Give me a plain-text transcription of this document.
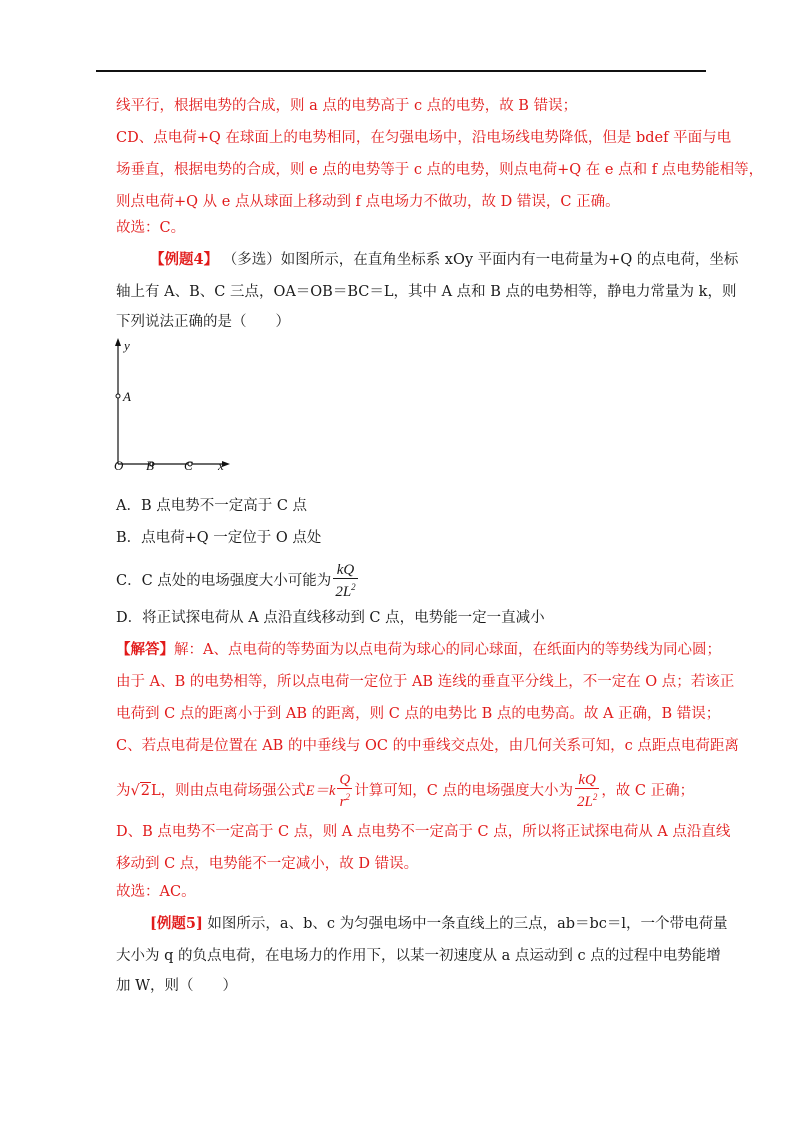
线平行，根据电势的合成，则 a 点的电势高于 c 点的电势，故 B 错误；
CD、点电荷+Q 在球面上的电势相同，在匀强电场中，沿电场线电势降低，但是 bdef 平面与电
场垂直，根据电势的合成，则 e 点的电势等于 c 点的电势，则点电荷+Q 在 e 点和 f 点电势能相等，
则点电荷+Q 从 e 点从球面上移动到 f 点电场力不做功，故 D 错误，C 正确。
故选：C。
【例题4】 （多选）如图所示，在直角坐标系 xOy 平面内有一电荷量为+Q 的点电荷，坐标
轴上有 A、B、C 三点，OA＝OB＝BC＝L，其中 A 点和 B 点的电势相等，静电力常量为 k，则
下列说法正确的是（　　）
y
A
O B C x
A．B 点电势不一定高于 C 点
B．点电荷+Q 一定位于 O 点处
C．C 点处的电场强度大小可能为 $\frac{kQ}{2L^2}$
D．将正试探电荷从 A 点沿直线移动到 C 点，电势能一定一直减小
【解答】解：A、点电荷的等势面为以点电荷为球心的同心球面，在纸面内的等势线为同心圆；
由于 A、B 的电势相等，所以点电荷一定位于 AB 连线的垂直平分线上，不一定在 O 点；若该正
电荷到 C 点的距离小于到 AB 的距离，则 C 点的电势比 B 点的电势高。故 A 正确，B 错误；
C、若点电荷是位置在 AB 的中垂线与 OC 的中垂线交点处，由几何关系可知，c 点距点电荷距离
为√2L，则由点电荷场强公式$E=k \frac{Q}{r^2}$ 计算可知，C 点的电场强度大小为 $\frac{kQ}{2L^2}$ ，故 C 正确；
D、B 点电势不一定高于 C 点，则 A 点电势不一定高于 C 点，所以将正试探电荷从 A 点沿直线
移动到 C 点，电势能不一定减小，故 D 错误。
故选：AC。
[例题5] 如图所示，a、b、c 为匀强电场中一条直线上的三点，ab＝bc＝l，一个带电荷量
大小为 q 的负点电荷，在电场力的作用下，以某一初速度从 a 点运动到 c 点的过程中电势能增
加 W，则（　　）
